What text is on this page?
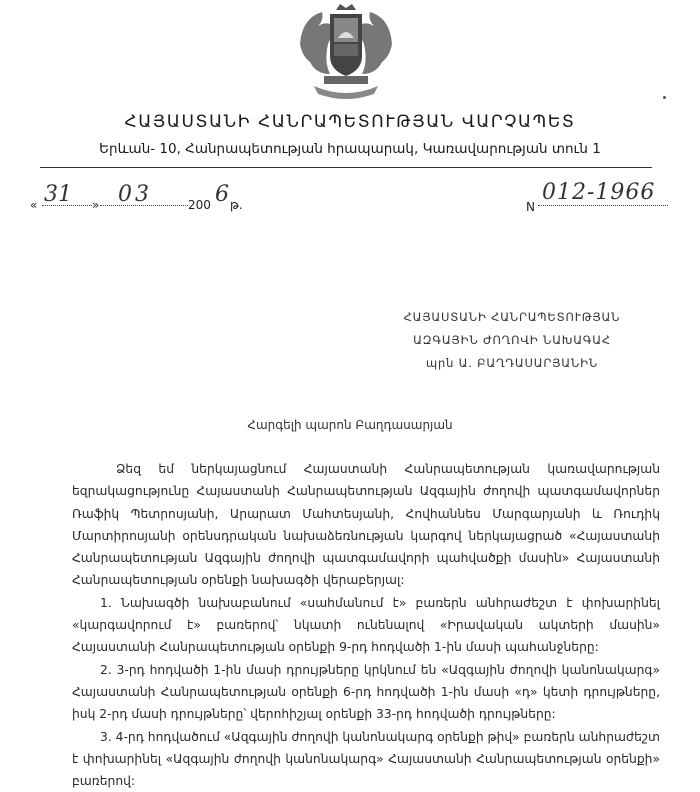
ՀԱՅԱՍՏԱՆԻ ՀԱՆՐԱՊԵՏՈՒԹՅԱՆ ՎԱՐՉԱՊԵՏ
Երևան- 10, Հանրապետության հրապարակ, Կառավարության տուն 1
« 31 » 03	200 6 թ.	N
012-1966
ՀԱՅԱՍՏԱՆԻ ՀԱՆՐԱՊԵՏՈՒԹՅԱՆ
ԱԶԳԱՅԻՆ ԺՈՂՈՎԻ ՆԱԽԱԳԱՀ
պրն Ա. ԲԱՂԴԱՍԱՐՅԱՆԻՆ
Հարգելի պարոն Բաղդասարյան

Ձեզ եմ ներկայացնում Հայաստանի Հանրապետության կառավարության եզրակացությունը Հայաստանի Հանրապետության Ազգային ժողովի պատգամավորներ Ռաֆիկ Պետրոսյանի, Արարատ Մահտեսյանի, Հովհաննես Մարգարյանի և Ռուդիկ Մարտիրոսյանի օրենսդրական նախաձեռնության կարգով ներկայացրած «Հայաստանի Հանրապետության Ազգային ժողովի պատգամավորի պահվածքի մասին» Հայաստանի Հանրապետության օրենքի նախագծի վերաբերյալ:

1. Նախագծի նախաբանում «սահմանում է» բառերն անհրաժեշտ է փոխարինել «կարգավորում է» բառերով՝ նկատի ունենալով «Իրավական ակտերի մասին» Հայաստանի Հանրապետության օրենքի 9-րդ հոդվածի 1-ին մասի պահանջները:

2. 3-րդ հոդվածի 1-ին մասի դրույթները կրկնում են «Ազգային ժողովի կանոնակարգ» Հայաստանի Հանրապետության օրենքի 6-րդ հոդվածի 1-ին մասի «դ» կետի դրույթները, իսկ 2-րդ մասի դրույթները՝ վերոհիշյալ օրենքի 33-րդ հոդվածի դրույթները:

3. 4-րդ հոդվածում «Ազգային ժողովի կանոնակարգ օրենքի թիվ» բառերն անհրաժեշտ է փոխարինել «Ազգային ժողովի կանոնակարգ» Հայաստանի Հանրապետության օրենքի» բառերով:
